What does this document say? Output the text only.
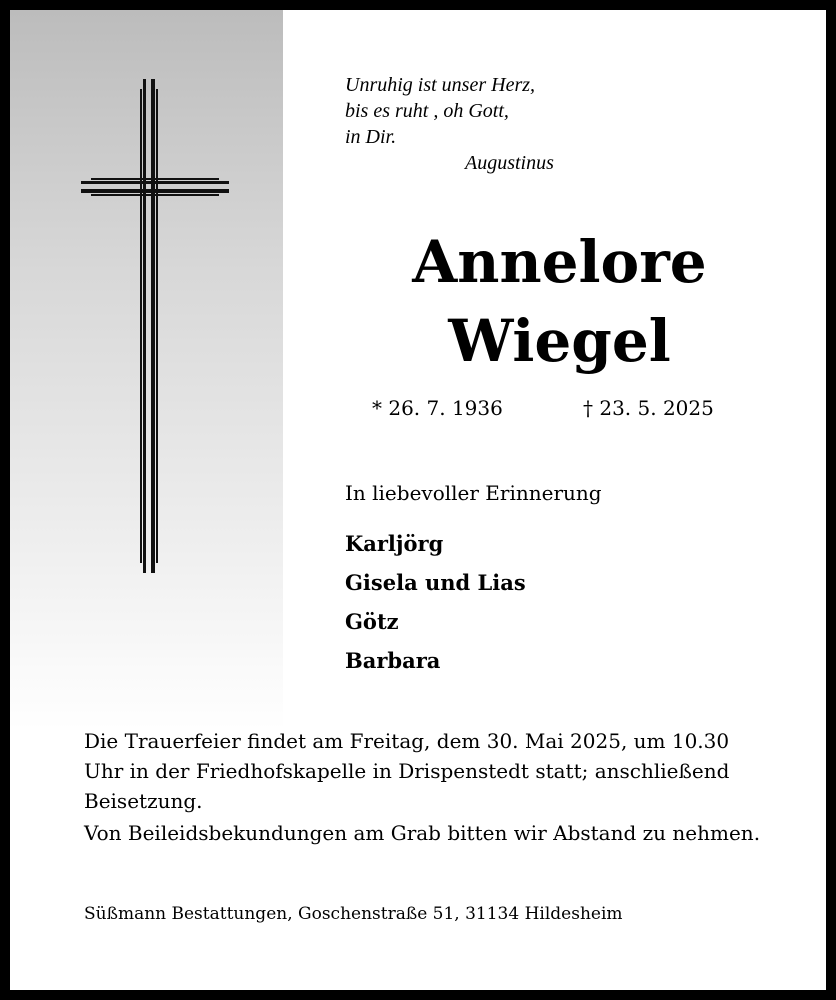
Unruhig ist unser Herz,
bis es ruht , oh Gott,
in Dir.
Augustinus
Annelore
Wiegel
* 26. 7. 1936	† 23. 5. 2025
In liebevoller Erinnerung
Karljörg
Gisela und Lias
Götz
Barbara

Die Trauerfeier findet am Freitag, dem 30. Mai 2025, um 10.30 Uhr in der Friedhofskapelle in Drispenstedt statt; anschließend Beisetzung.

Von Beileidsbekundungen am Grab bitten wir Abstand zu nehmen.

Süßmann Bestattungen, Goschenstraße 51, 31134 Hildesheim
